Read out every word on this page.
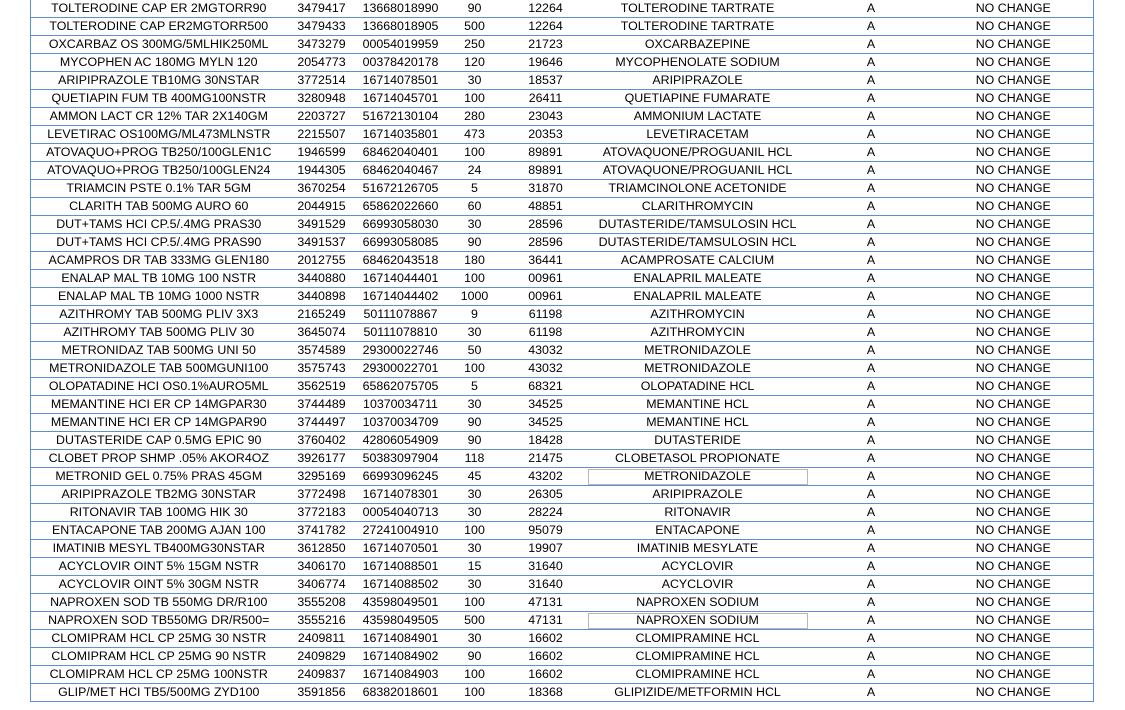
TOLTERODINE CAP ER 2MGTORR90	3479417	13668018990	90	12264	TOLTERODINE TARTRATE	A	NO CHANGE
TOLTERODINE CAP ER2MGTORR500	3479433	13668018905	500	12264	TOLTERODINE TARTRATE	A	NO CHANGE
OXCARBAZ OS 300MG/5MLHIK250ML	3473279	00054019959	250	21723	OXCARBAZEPINE	A	NO CHANGE
MYCOPHEN AC 180MG MYLN 120	2054773	00378420178	120	19646	MYCOPHENOLATE SODIUM	A	NO CHANGE
ARIPIPRAZOLE TB10MG 30NSTAR	3772514	16714078501	30	18537	ARIPIPRAZOLE	A	NO CHANGE
QUETIAPIN FUM TB 400MG100NSTR	3280948	16714045701	100	26411	QUETIAPINE FUMARATE	A	NO CHANGE
AMMON LACT CR 12% TAR 2X140GM	2203727	51672130104	280	23043	AMMONIUM LACTATE	A	NO CHANGE
LEVETIRAC OS100MG/ML473MLNSTR	2215507	16714035801	473	20353	LEVETIRACETAM	A	NO CHANGE
ATOVAQUO+PROG TB250/100GLEN1C	1946599	68462040401	100	89891	ATOVAQUONE/PROGUANIL HCL	A	NO CHANGE
ATOVAQUO+PROG TB250/100GLEN24	1944305	68462040467	24	89891	ATOVAQUONE/PROGUANIL HCL	A	NO CHANGE
TRIAMCIN PSTE 0.1% TAR 5GM	3670254	51672126705	5	31870	TRIAMCINOLONE ACETONIDE	A	NO CHANGE
CLARITH TAB 500MG AURO 60	2044915	65862022660	60	48851	CLARITHROMYCIN	A	NO CHANGE
DUT+TAMS HCI CP.5/.4MG PRAS30	3491529	66993058030	30	28596	DUTASTERIDE/TAMSULOSIN HCL	A	NO CHANGE
DUT+TAMS HCI CP.5/.4MG PRAS90	3491537	66993058085	90	28596	DUTASTERIDE/TAMSULOSIN HCL	A	NO CHANGE
ACAMPROS DR TAB 333MG GLEN180	2012755	68462043518	180	36441	ACAMPROSATE CALCIUM	A	NO CHANGE
ENALAP MAL TB 10MG 100 NSTR	3440880	16714044401	100	00961	ENALAPRIL MALEATE	A	NO CHANGE
ENALAP MAL TB 10MG 1000 NSTR	3440898	16714044402	1000	00961	ENALAPRIL MALEATE	A	NO CHANGE
AZITHROMY TAB 500MG PLIV 3X3	2165249	50111078867	9	61198	AZITHROMYCIN	A	NO CHANGE
AZITHROMY TAB 500MG PLIV 30	3645074	50111078810	30	61198	AZITHROMYCIN	A	NO CHANGE
METRONIDAZ TAB 500MG UNI 50	3574589	29300022746	50	43032	METRONIDAZOLE	A	NO CHANGE
METRONIDAZOLE TAB 500MGUNI100	3575743	29300022701	100	43032	METRONIDAZOLE	A	NO CHANGE
OLOPATADINE HCI OS0.1%AURO5ML	3562519	65862075705	5	68321	OLOPATADINE HCL	A	NO CHANGE
MEMANTINE HCI ER CP 14MGPAR30	3744489	10370034711	30	34525	MEMANTINE HCL	A	NO CHANGE
MEMANTINE HCI ER CP 14MGPAR90	3744497	10370034709	90	34525	MEMANTINE HCL	A	NO CHANGE
DUTASTERIDE CAP 0.5MG EPIC 90	3760402	42806054909	90	18428	DUTASTERIDE	A	NO CHANGE
CLOBET PROP SHMP .05% AKOR4OZ	3926177	50383097904	118	21475	CLOBETASOL PROPIONATE	A	NO CHANGE
METRONID GEL 0.75% PRAS 45GM	3295169	66993096245	45	43202	METRONIDAZOLE	A	NO CHANGE
ARIPIPRAZOLE TB2MG 30NSTAR	3772498	16714078301	30	26305	ARIPIPRAZOLE	A	NO CHANGE
RITONAVIR TAB 100MG HIK 30	3772183	00054040713	30	28224	RITONAVIR	A	NO CHANGE
ENTACAPONE TAB 200MG AJAN 100	3741782	27241004910	100	95079	ENTACAPONE	A	NO CHANGE
IMATINIB MESYL TB400MG30NSTAR	3612850	16714070501	30	19907	IMATINIB MESYLATE	A	NO CHANGE
ACYCLOVIR OINT 5% 15GM NSTR	3406170	16714088501	15	31640	ACYCLOVIR	A	NO CHANGE
ACYCLOVIR OINT 5% 30GM NSTR	3406774	16714088502	30	31640	ACYCLOVIR	A	NO CHANGE
NAPROXEN SOD TB 550MG DR/R100	3555208	43598049501	100	47131	NAPROXEN SODIUM	A	NO CHANGE
NAPROXEN SOD TB550MG DR/R500=	3555216	43598049505	500	47131	NAPROXEN SODIUM	A	NO CHANGE
CLOMIPRAM HCL CP 25MG 30 NSTR	2409811	16714084901	30	16602	CLOMIPRAMINE HCL	A	NO CHANGE
CLOMIPRAM HCL CP 25MG 90 NSTR	2409829	16714084902	90	16602	CLOMIPRAMINE HCL	A	NO CHANGE
CLOMIPRAM HCL CP 25MG 100NSTR	2409837	16714084903	100	16602	CLOMIPRAMINE HCL	A	NO CHANGE
GLIP/MET HCI TB5/500MG ZYD100	3591856	68382018601	100	18368	GLIPIZIDE/METFORMIN HCL	A	NO CHANGE
